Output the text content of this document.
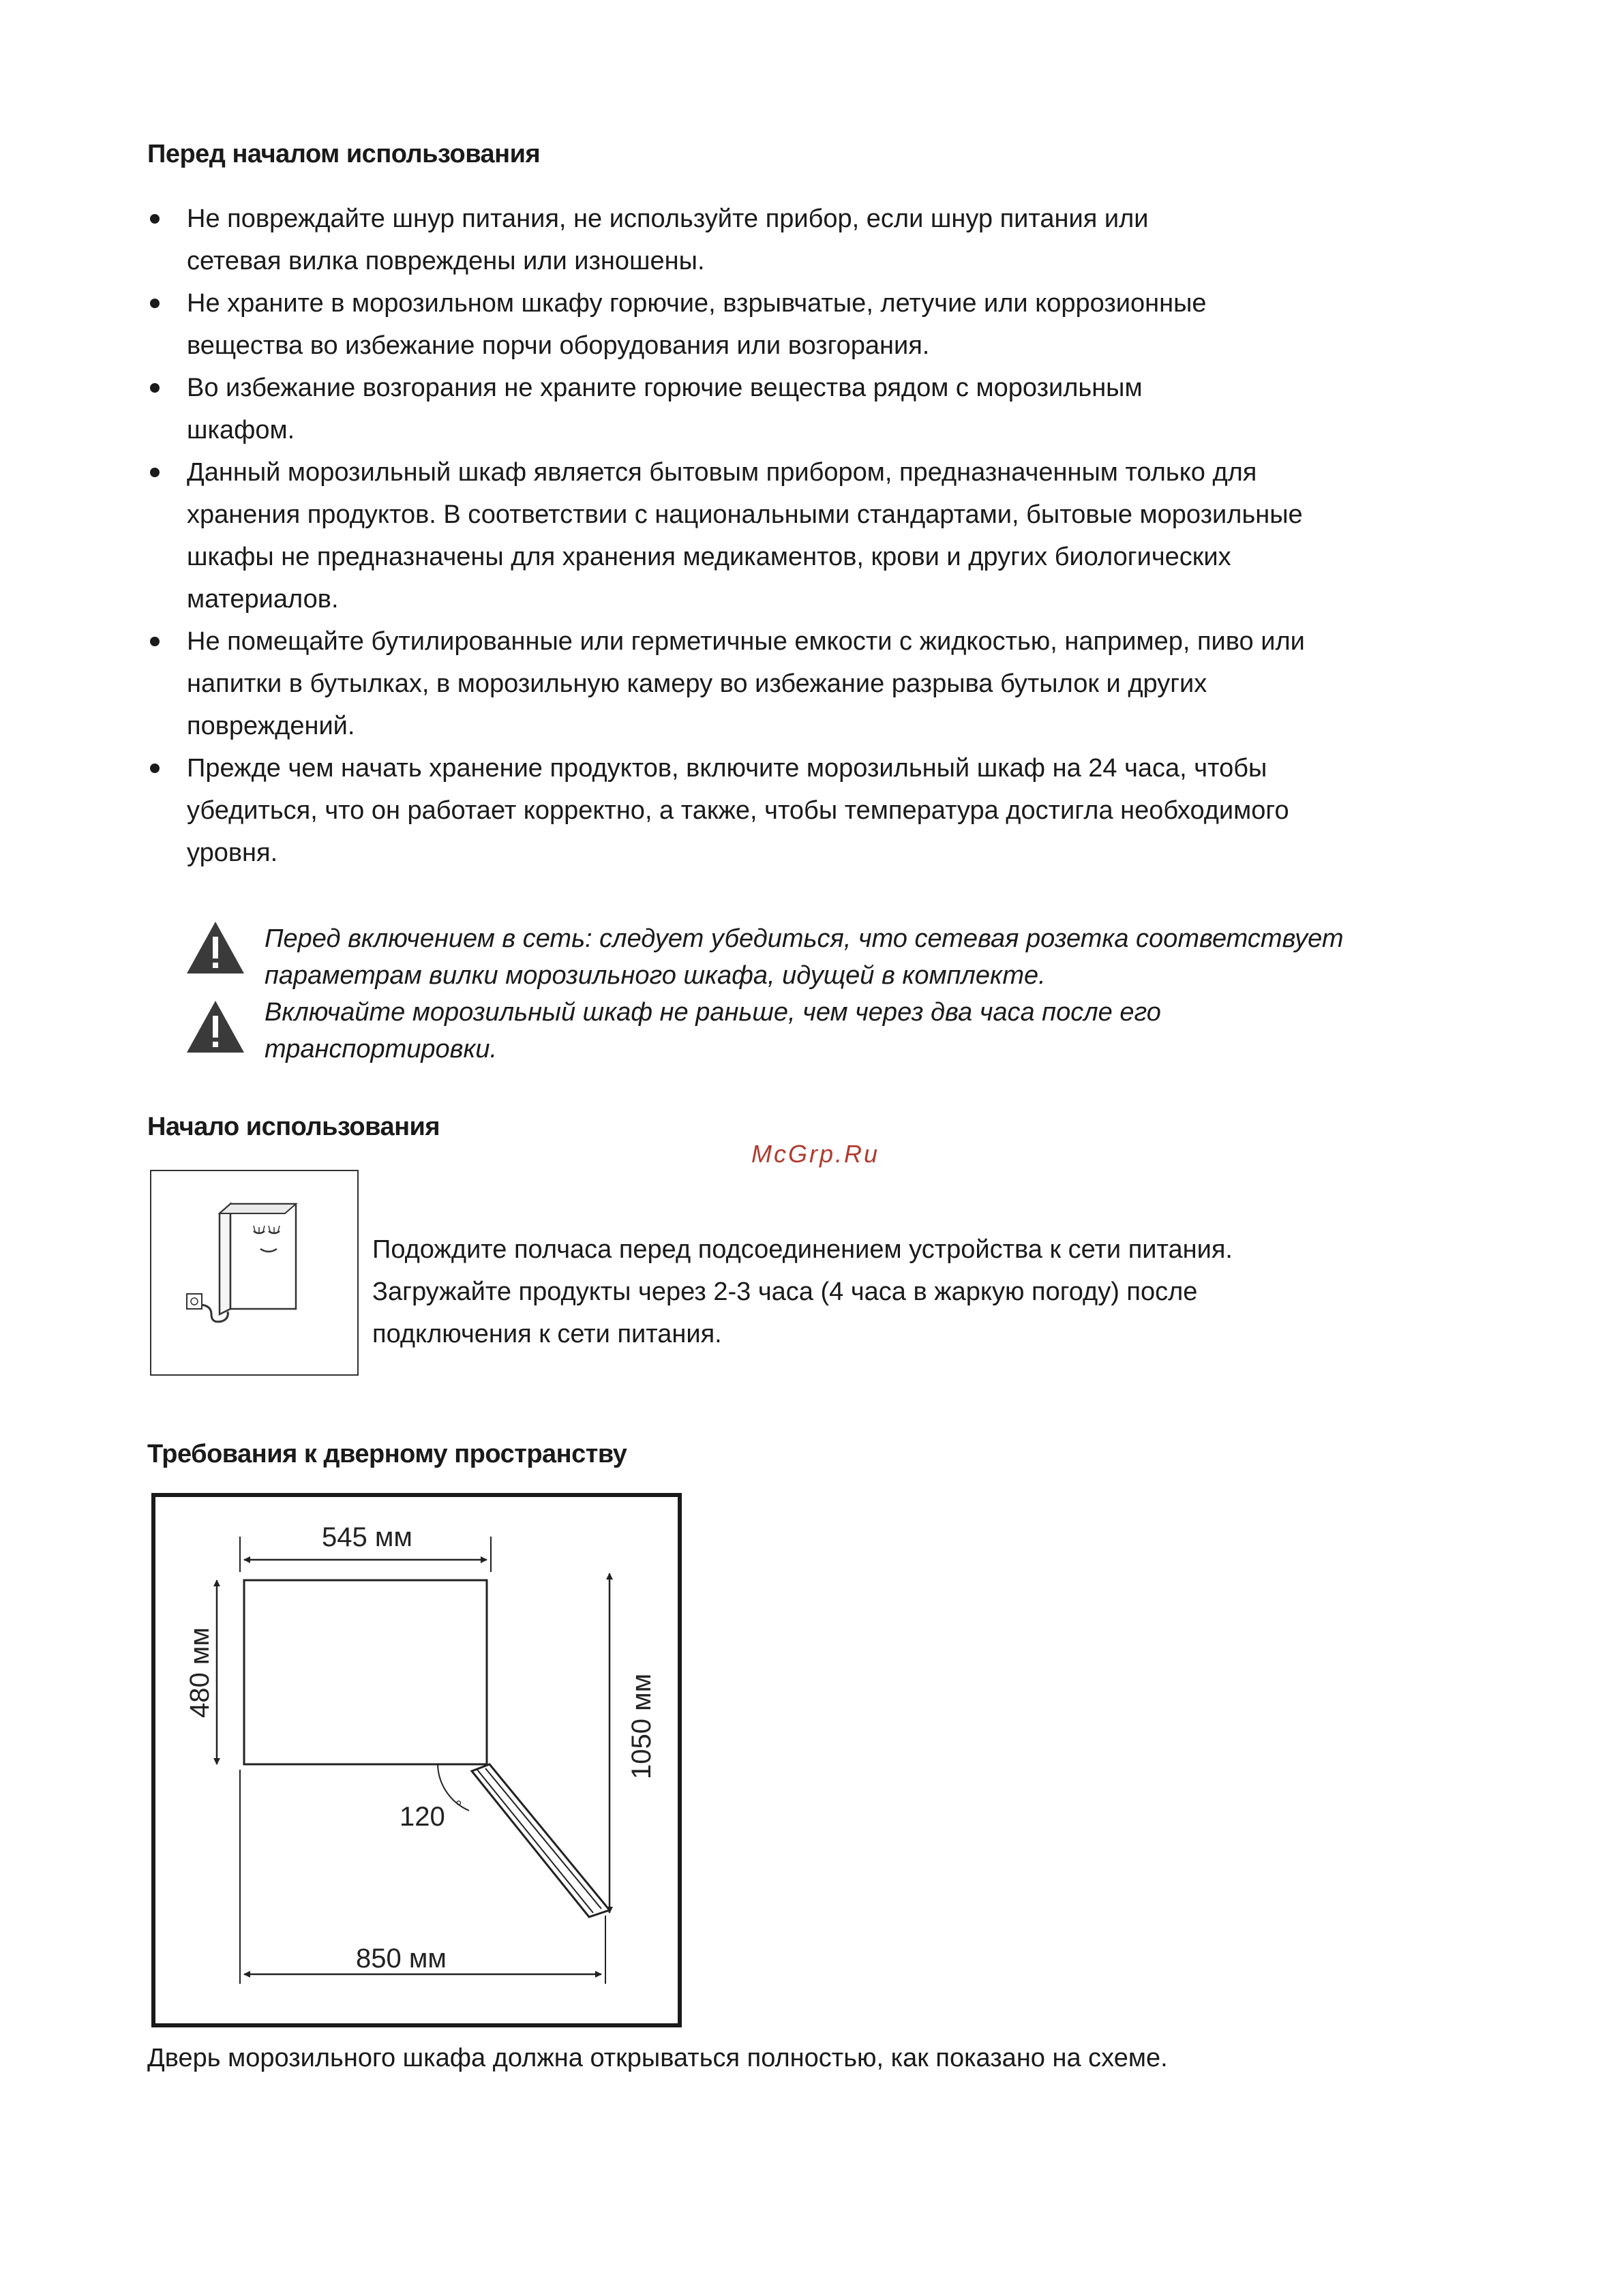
Перед началом использования
Не повреждайте шнур питания, не используйте прибор, если шнур питания или сетевая вилка повреждены или изношены.
Не храните в морозильном шкафу горючие, взрывчатые, летучие или коррозионные вещества во избежание порчи оборудования или возгорания.
Во избежание возгорания не храните горючие вещества рядом с морозильным шкафом.
Данный морозильный шкаф является бытовым прибором, предназначенным только для хранения продуктов. В соответствии с национальными стандартами, бытовые морозильные шкафы не предназначены для хранения медикаментов, крови и других биологических материалов.
Не помещайте бутилированные или герметичные емкости с жидкостью, например, пиво или напитки в бутылках, в морозильную камеру во избежание разрыва бутылок и других повреждений.
Прежде чем начать хранение продуктов, включите морозильный шкаф на 24 часа, чтобы убедиться, что он работает корректно, а также, чтобы температура достигла необходимого уровня.
Перед включением в сеть: следует убедиться, что сетевая розетка соответствует параметрам вилки морозильного шкафа, идущей в комплекте.
Включайте морозильный шкаф не раньше, чем через два часа после его транспортировки.
Начало использования
McGrp.Ru
Подождите полчаса перед подсоединением устройства к сети питания.
Загружайте продукты через 2-3 часа (4 часа в жаркую погоду) после
подключения к сети питания.
Требования к дверному пространству
545 мм
480 мм
1050 мм
120 °
850 мм
Дверь морозильного шкафа должна открываться полностью, как показано на схеме.
